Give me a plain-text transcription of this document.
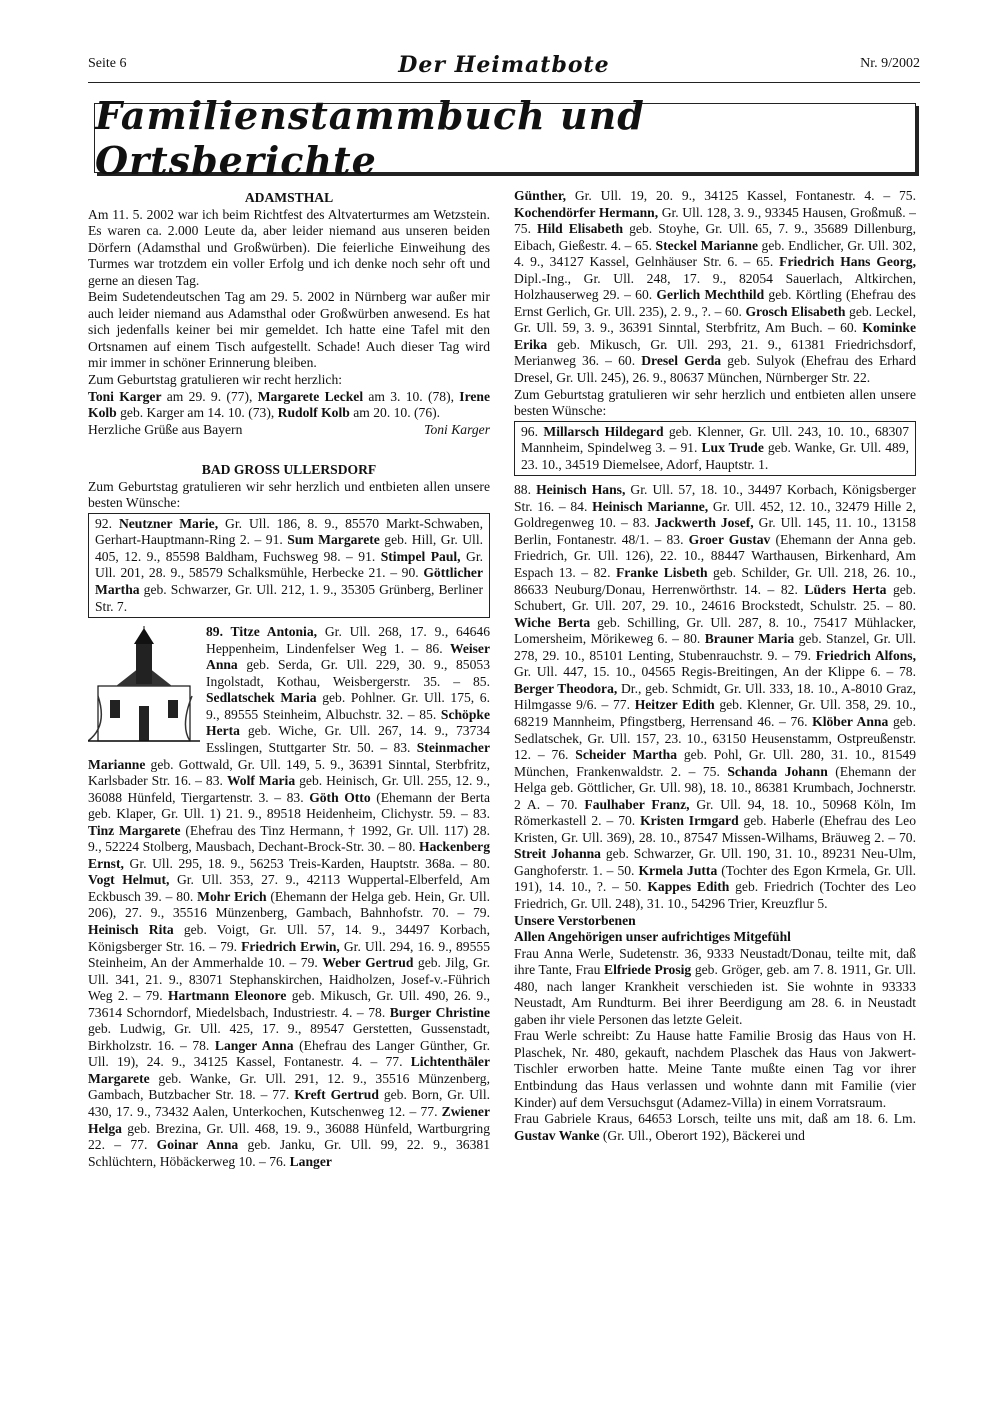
Seite 6	Der Heimatbote	Nr. 9/2002
Familienstammbuch und Ortsberichte

ADAMSTHAL

Am 11. 5. 2002 war ich beim Richtfest des Altvaterturmes am Wetzstein. Es waren ca. 2.000 Leute da, aber leider niemand aus unseren beiden Dörfern (Adamsthal und Großwürben). Die feierliche Einweihung des Turmes war trotzdem ein voller Erfolg und ich denke noch sehr oft und gerne an diesen Tag.

Beim Sudetendeutschen Tag am 29. 5. 2002 in Nürnberg war außer mir auch leider niemand aus Adamsthal oder Großwürben anwesend. Es hat sich jedenfalls keiner bei mir gemeldet. Ich hatte eine Tafel mit den Ortsnamen auf einem Tisch aufgestellt. Schade! Auch dieser Tag wird mir immer in schöner Erinnerung bleiben.

Zum Geburtstag gratulieren wir recht herzlich:

Toni Karger am 29. 9. (77), Margarete Leckel am 3. 10. (78), Irene Kolb geb. Karger am 14. 10. (73), Rudolf Kolb am 20. 10. (76).

Herzliche Grüße aus Bayern	Toni Karger

BAD GROSS ULLERSDORF

Zum Geburtstag gratulieren wir sehr herzlich und entbieten allen unsere besten Wünsche:

92. Neutzner Marie, Gr. Ull. 186, 8. 9., 85570 Markt-Schwaben, Gerhart-Hauptmann-Ring 2. – 91. Sum Margarete geb. Hill, Gr. Ull. 405, 12. 9., 85598 Baldham, Fuchsweg 98. – 91. Stimpel Paul, Gr. Ull. 201, 28. 9., 58579 Schalksmühle, Herbecke 21. – 90. Göttlicher Martha geb. Schwarzer, Gr. Ull. 212, 1. 9., 35305 Grünberg, Berliner Str. 7.

89. Titze Antonia, Gr. Ull. 268, 17. 9., 64646 Heppenheim, Lindenfelser Weg 1. – 86. Weiser Anna geb. Serda, Gr. Ull. 229, 30. 9., 85053 Ingolstadt, Kothau, Weisbergerstr. 35. – 85. Sedlatschek Maria geb. Pohlner. Gr. Ull. 175, 6. 9., 89555 Steinheim, Albuchstr. 32. – 85. Schöpke Herta geb. Wiche, Gr. Ull. 267, 14. 9., 73734 Esslingen, Stuttgarter Str. 50. – 83. Steinmacher Marianne geb. Gottwald, Gr. Ull. 149, 5. 9., 36391 Sinntal, Sterbfritz, Karlsbader Str. 16. – 83. Wolf Maria geb. Heinisch, Gr. Ull. 255, 12. 9., 36088 Hünfeld, Tiergartenstr. 3. – 83. Göth Otto (Ehemann der Berta geb. Klaper, Gr. Ull. 1) 21. 9., 89518 Heidenheim, Clichystr. 59. – 83. Tinz Margarete (Ehefrau des Tinz Hermann, † 1992, Gr. Ull. 117) 28. 9., 52224 Stolberg, Mausbach, Dechant-Brock-Str. 30. – 80. Hackenberg Ernst, Gr. Ull. 295, 18. 9., 56253 Treis-Karden, Hauptstr. 368a. – 80. Vogt Helmut, Gr. Ull. 353, 27. 9., 42113 Wuppertal-Elberfeld, Am Eckbusch 39. – 80. Mohr Erich (Ehemann der Helga geb. Hein, Gr. Ull. 206), 27. 9., 35516 Münzenberg, Gambach, Bahnhofstr. 70. – 79. Heinisch Rita geb. Voigt, Gr. Ull. 57, 14. 9., 34497 Korbach, Königsberger Str. 16. – 79. Friedrich Erwin, Gr. Ull. 294, 16. 9., 89555 Steinheim, An der Ammerhalde 10. – 79. Weber Gertrud geb. Jilg, Gr. Ull. 341, 21. 9., 83071 Stephanskirchen, Haidholzen, Josef-v.-Führich Weg 2. – 79. Hartmann Eleonore geb. Mikusch, Gr. Ull. 490, 26. 9., 73614 Schorndorf, Miedelsbach, Industriestr. 4. – 78. Burger Christine geb. Ludwig, Gr. Ull. 425, 17. 9., 89547 Gerstetten, Gussenstadt, Birkholzstr. 16. – 78. Langer Anna (Ehefrau des Langer Günther, Gr. Ull. 19), 24. 9., 34125 Kassel, Fontanestr. 4. – 77. Lichtenthäler Margarete geb. Wanke, Gr. Ull. 291, 12. 9., 35516 Münzenberg, Gambach, Butzbacher Str. 18. – 77. Kreft Gertrud geb. Born, Gr. Ull. 430, 17. 9., 73432 Aalen, Unterkochen, Kutschenweg 12. – 77. Zwiener Helga geb. Brezina, Gr. Ull. 468, 19. 9., 36088 Hünfeld, Wartburgring 22. – 77. Goinar Anna geb. Janku, Gr. Ull. 99, 22. 9., 36381 Schlüchtern, Höbäckerweg 10. – 76. Langer

Günther, Gr. Ull. 19, 20. 9., 34125 Kassel, Fontanestr. 4. – 75. Kochendörfer Hermann, Gr. Ull. 128, 3. 9., 93345 Hausen, Großmuß. – 75. Hild Elisabeth geb. Stoyhe, Gr. Ull. 65, 7. 9., 35689 Dillenburg, Eibach, Gießestr. 4. – 65. Steckel Marianne geb. Endlicher, Gr. Ull. 302, 4. 9., 34127 Kassel, Gelnhäuser Str. 6. – 65. Friedrich Hans Georg, Dipl.-Ing., Gr. Ull. 248, 17. 9., 82054 Sauerlach, Altkirchen, Holzhauserweg 29. – 60. Gerlich Mechthild geb. Körtling (Ehefrau des Ernst Gerlich, Gr. Ull. 235), 2. 9., ?. – 60. Grosch Elisabeth geb. Leckel, Gr. Ull. 59, 3. 9., 36391 Sinntal, Sterbfritz, Am Buch. – 60. Kominke Erika geb. Mikusch, Gr. Ull. 293, 21. 9., 61381 Friedrichsdorf, Merianweg 36. – 60. Dresel Gerda geb. Sulyok (Ehefrau des Erhard Dresel, Gr. Ull. 245), 26. 9., 80637 München, Nürnberger Str. 22.

Zum Geburtstag gratulieren wir sehr herzlich und entbieten allen unsere besten Wünsche:

96. Millarsch Hildegard geb. Klenner, Gr. Ull. 243, 10. 10., 68307 Mannheim, Spindelweg 3. – 91. Lux Trude geb. Wanke, Gr. Ull. 489, 23. 10., 34519 Diemelsee, Adorf, Hauptstr. 1.

88. Heinisch Hans, Gr. Ull. 57, 18. 10., 34497 Korbach, Königsberger Str. 16. – 84. Heinisch Marianne, Gr. Ull. 452, 12. 10., 32479 Hille 2, Goldregenweg 10. – 83. Jackwerth Josef, Gr. Ull. 145, 11. 10., 13158 Berlin, Fontanestr. 48/1. – 83. Groer Gustav (Ehemann der Anna geb. Friedrich, Gr. Ull. 126), 22. 10., 88447 Warthausen, Birkenhard, Am Espach 13. – 82. Franke Lisbeth geb. Schilder, Gr. Ull. 218, 26. 10., 86633 Neuburg/Donau, Herrenwörthstr. 14. – 82. Lüders Herta geb. Schubert, Gr. Ull. 207, 29. 10., 24616 Brockstedt, Schulstr. 25. – 80. Wiche Berta geb. Schilling, Gr. Ull. 287, 8. 10., 75417 Mühlacker, Lomersheim, Mörikeweg 6. – 80. Brauner Maria geb. Stanzel, Gr. Ull. 278, 29. 10., 85101 Lenting, Stubenrauchstr. 9. – 79. Friedrich Alfons, Gr. Ull. 447, 15. 10., 04565 Regis-Breitingen, An der Klippe 6. – 78. Berger Theodora, Dr., geb. Schmidt, Gr. Ull. 333, 18. 10., A-8010 Graz, Hilmgasse 9/6. – 77. Heitzer Edith geb. Klenner, Gr. Ull. 358, 29. 10., 68219 Mannheim, Pfingstberg, Herrensand 46. – 76. Klöber Anna geb. Sedlatschek, Gr. Ull. 157, 23. 10., 63150 Heusenstamm, Ostpreußenstr. 12. – 76. Scheider Martha geb. Pohl, Gr. Ull. 280, 31. 10., 81549 München, Frankenwaldstr. 2. – 75. Schanda Johann (Ehemann der Helga geb. Göttlicher, Gr. Ull. 98), 18. 10., 86381 Krumbach, Jochnerstr. 2 A. – 70. Faulhaber Franz, Gr. Ull. 94, 18. 10., 50968 Köln, Im Römerkastell 2. – 70. Kristen Irmgard geb. Haberle (Ehefrau des Leo Kristen, Gr. Ull. 369), 28. 10., 87547 Missen-Wilhams, Bräuweg 2. – 70. Streit Johanna geb. Schwarzer, Gr. Ull. 190, 31. 10., 89231 Neu-Ulm, Ganghoferstr. 1. – 50. Krmela Jutta (Tochter des Egon Krmela, Gr. Ull. 191), 14. 10., ?. – 50. Kappes Edith geb. Friedrich (Tochter des Leo Friedrich, Gr. Ull. 248), 31. 10., 54296 Trier, Kreuzflur 5.

Unsere Verstorbenen

Allen Angehörigen unser aufrichtiges Mitgefühl

Frau Anna Werle, Sudetenstr. 36, 9333 Neustadt/Donau, teilte mit, daß ihre Tante, Frau Elfriede Prosig geb. Gröger, geb. am 7. 8. 1911, Gr. Ull. 480, nach langer Krankheit verschieden ist. Sie wohnte in 93333 Neustadt, Am Rundturm. Bei ihrer Beerdigung am 28. 6. in Neustadt gaben ihr viele Personen das letzte Geleit.

Frau Werle schreibt: Zu Hause hatte Familie Brosig das Haus von H. Plaschek, Nr. 480, gekauft, nachdem Plaschek das Haus von Jakwert-Tischler erworben hatte. Meine Tante mußte einen Tag vor ihrer Entbindung das Haus verlassen und wohnte dann mit Familie (vier Kinder) auf dem Versuchsgut (Adamez-Villa) in einem Vorratsraum.

Frau Gabriele Kraus, 64653 Lorsch, teilte uns mit, daß am 18. 6. Lm. Gustav Wanke (Gr. Ull., Oberort 192), Bäckerei und
